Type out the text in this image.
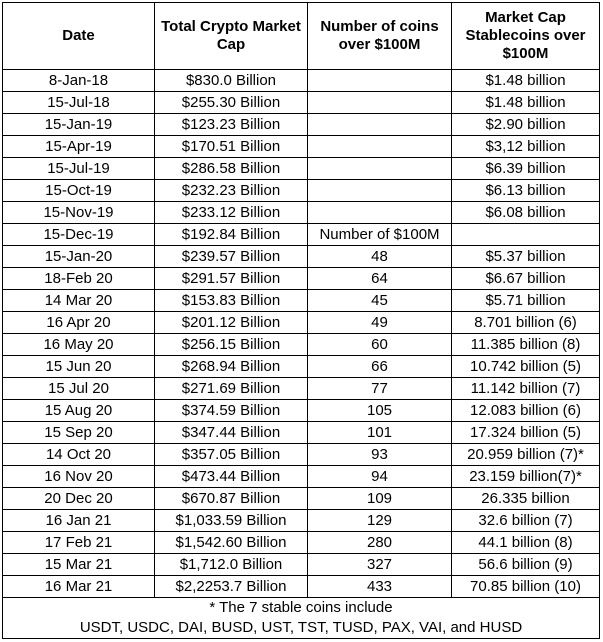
Date	Total Crypto Market Cap	Number of coins over $100M	Market Cap Stablecoins over $100M
8-Jan-18	$830.0 Billion		$1.48 billion
15-Jul-18	$255.30 Billion		$1.48 billion
15-Jan-19	$123.23 Billion		$2.90 billion
15-Apr-19	$170.51 Billion		$3,12 billion
15-Jul-19	$286.58 Billion		$6.39 billion
15-Oct-19	$232.23 Billion		$6.13 billion
15-Nov-19	$233.12 Billion		$6.08 billion
15-Dec-19	$192.84 Billion	Number of $100M	
15-Jan-20	$239.57 Billion	48	$5.37 billion
18-Feb 20	$291.57 Billion	64	$6.67 billion
14 Mar 20	$153.83 Billion	45	$5.71 billion
16 Apr 20	$201.12 Billion	49	8.701 billion (6)
16 May 20	$256.15 Billion	60	11.385 billion (8)
15 Jun 20	$268.94 Billion	66	10.742 billion (5)
15 Jul 20	$271.69 Billion	77	11.142 billion (7)
15 Aug 20	$374.59 Billion	105	12.083 billion (6)
15 Sep 20	$347.44 Billion	101	17.324 billion (5)
14 Oct 20	$357.05 Billion	93	20.959 billion (7)*
16 Nov 20	$473.44 Billion	94	23.159 billion(7)*
20 Dec 20	$670.87 Billion	109	26.335 billion
16 Jan 21	$1,033.59 Billion	129	32.6 billion (7)
17 Feb 21	$1,542.60 Billion	280	44.1 billion (8)
15 Mar 21	$1,712.0 Billion	327	56.6 billion (9)
16 Mar 21	$2,2253.7 Billion	433	70.85 billion (10)

* The 7 stable coins include
USDT, USDC, DAI, BUSD, UST, TST, TUSD, PAX, VAI, and HUSD			
